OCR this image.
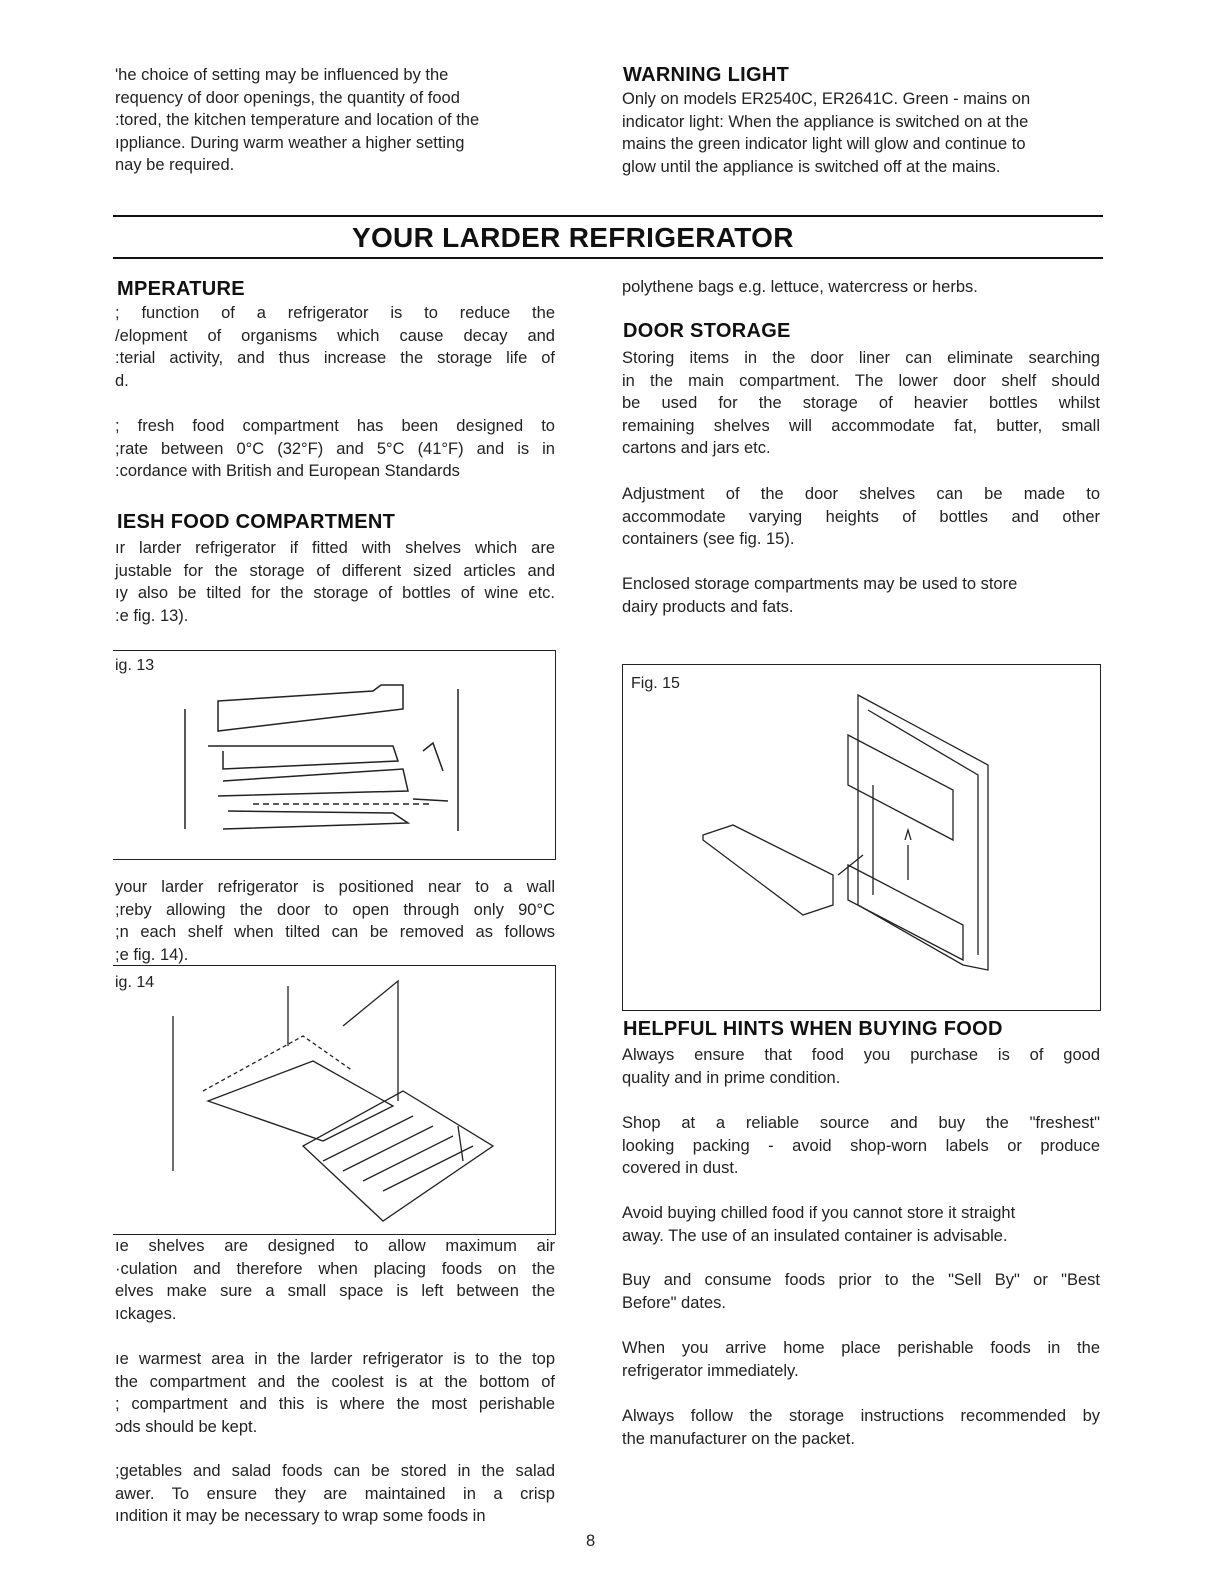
'he choice of setting may be influenced by the

requency of door openings, the quantity of food

:tored, the kitchen temperature and location of the

ıppliance. During warm weather a higher setting

nay be required.

WARNING LIGHT

Only on models ER2540C, ER2641C. Green - mains on

indicator light: When the appliance is switched on at the

mains the green indicator light will glow and continue to

glow until the appliance is switched off at the mains.

YOUR LARDER REFRIGERATOR
MPERATURE

; function of a refrigerator is to reduce the

/elopment of organisms which cause decay and

:terial activity, and thus increase the storage life of

d.

; fresh food compartment has been designed to

;rate between 0°C (32°F) and 5°C (41°F) and is in

:cordance with British and European Standards

IESH FOOD COMPARTMENT

ır larder refrigerator if fitted with shelves which are

justable for the storage of different sized articles and

ıy also be tilted for the storage of bottles of wine etc.

:e fig. 13).

ig. 13

your larder refrigerator is positioned near to a wall

;reby allowing the door to open through only 90°C

;n each shelf when tilted can be removed as follows

;e fig. 14).

ig. 14

ıe shelves are designed to allow maximum air

·culation and therefore when placing foods on the

elves make sure a small space is left between the

ıckages.

ıe warmest area in the larder refrigerator is to the top

the compartment and the coolest is at the bottom of

; compartment and this is where the most perishable

ɔds should be kept.

;getables and salad foods can be stored in the salad

awer. To ensure they are maintained in a crisp

ındition it may be necessary to wrap some foods in

polythene bags e.g. lettuce, watercress or herbs.
DOOR STORAGE

Storing items in the door liner can eliminate searching

in the main compartment. The lower door shelf should

be used for the storage of heavier bottles whilst

remaining shelves will accommodate fat, butter, small

cartons and jars etc.

Adjustment of the door shelves can be made to

accommodate varying heights of bottles and other

containers (see fig. 15).

Enclosed storage compartments may be used to store

dairy products and fats.

Fig. 15
HELPFUL HINTS WHEN BUYING FOOD

Always ensure that food you purchase is of good

quality and in prime condition.

Shop at a reliable source and buy the "freshest"

looking packing - avoid shop-worn labels or produce

covered in dust.

Avoid buying chilled food if you cannot store it straight

away. The use of an insulated container is advisable.

Buy and consume foods prior to the "Sell By" or "Best

Before" dates.

When you arrive home place perishable foods in the

refrigerator immediately.

Always follow the storage instructions recommended by

the manufacturer on the packet.

8
